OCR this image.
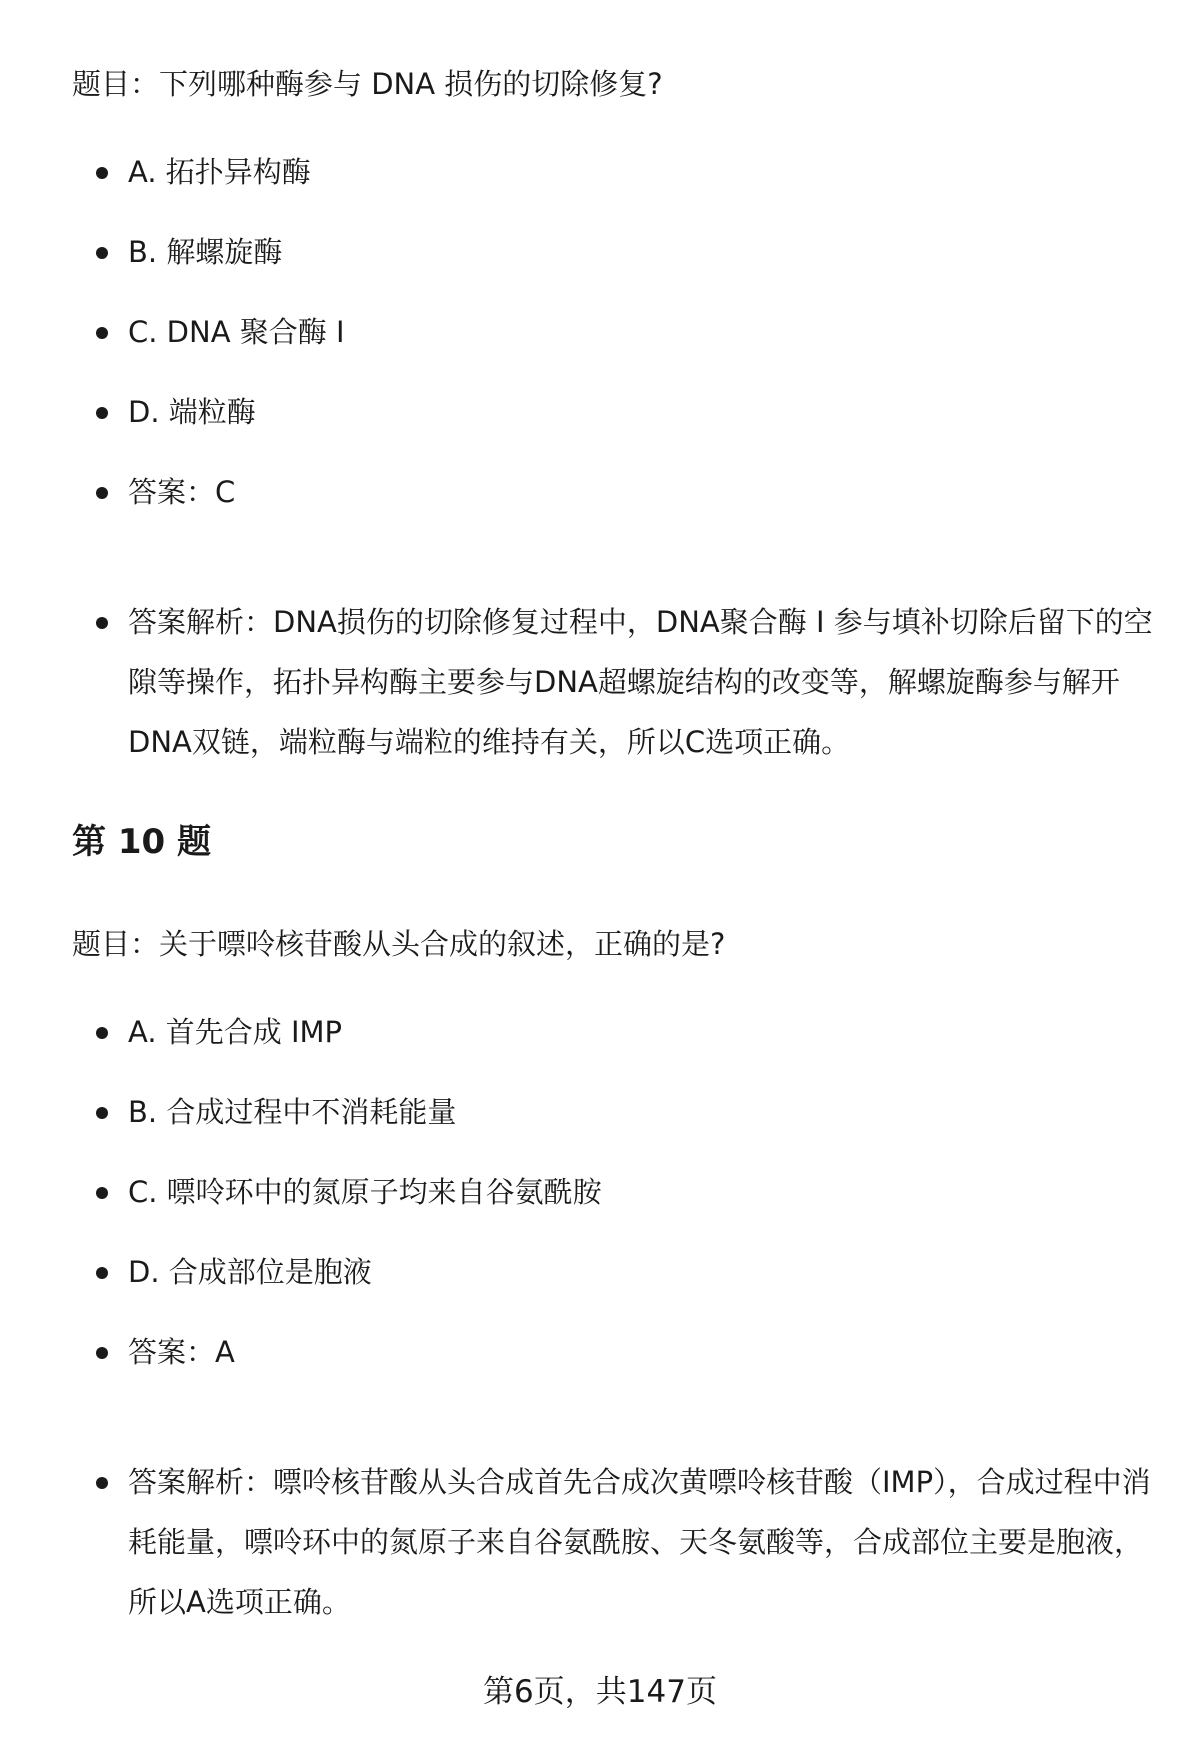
题目：下列哪种酶参与 DNA 损伤的切除修复?
A. 拓扑异构酶
B. 解螺旋酶
C. DNA 聚合酶 I
D. 端粒酶
答案：C
答案解析：DNA损伤的切除修复过程中，DNA聚合酶 I 参与填补切除后留下的空隙等操作，拓扑异构酶主要参与DNA超螺旋结构的改变等，解螺旋酶参与解开DNA双链，端粒酶与端粒的维持有关，所以C选项正确。
第 10 题
题目：关于嘌呤核苷酸从头合成的叙述，正确的是?
A. 首先合成 IMP
B. 合成过程中不消耗能量
C. 嘌呤环中的氮原子均来自谷氨酰胺
D. 合成部位是胞液
答案：A
答案解析：嘌呤核苷酸从头合成首先合成次黄嘌呤核苷酸（IMP），合成过程中消耗能量，嘌呤环中的氮原子来自谷氨酰胺、天冬氨酸等，合成部位主要是胞液，所以A选项正确。
第6页，共147页
